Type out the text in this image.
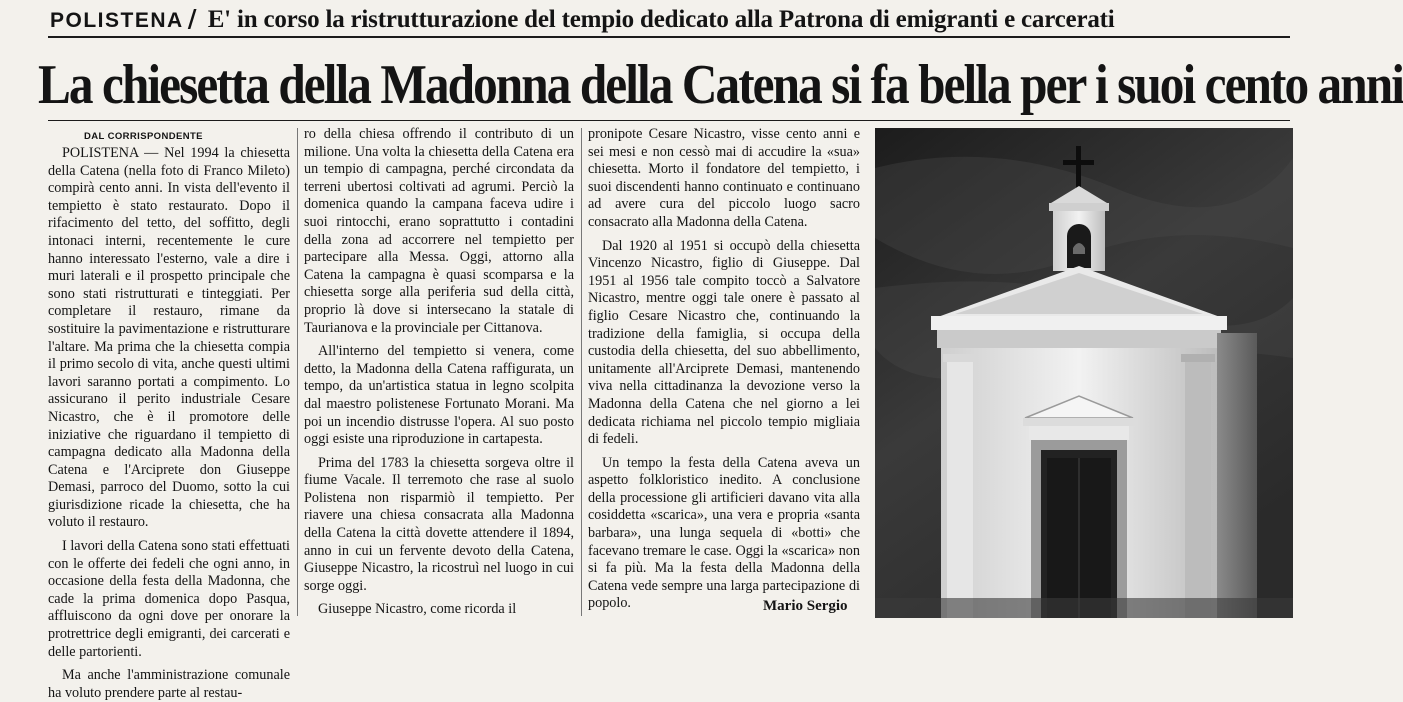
POLISTENA / E' in corso la ristrutturazione del tempio dedicato alla Patrona di emigranti e carcerati
La chiesetta della Madonna della Catena si fa bella per i suoi cento anni
DAL CORRISPONDENTE

POLISTENA — Nel 1994 la chiesetta della Catena (nella foto di Franco Mileto) compirà cento anni. In vista dell'evento il tempietto è stato restaurato. Dopo il rifacimento del tetto, del soffitto, degli intonaci interni, recentemente le cure hanno interessato l'esterno, vale a dire i muri laterali e il prospetto principale che sono stati ristrutturati e tinteggiati. Per completare il restauro, rimane da sostituire la pavimentazione e ristrutturare l'altare. Ma prima che la chiesetta compia il primo secolo di vita, anche questi ultimi lavori saranno portati a compimento. Lo assicurano il perito industriale Cesare Nicastro, che è il promotore delle iniziative che riguardano il tempietto di campagna dedicato alla Madonna della Catena e l'Arciprete don Giuseppe Demasi, parroco del Duomo, sotto la cui giurisdizione ricade la chiesetta, che ha voluto il restauro.

I lavori della Catena sono stati effettuati con le offerte dei fedeli che ogni anno, in occasione della festa della Madonna, che cade la prima domenica dopo Pasqua, affluiscono da ogni dove per onorare la protrettrice degli emigranti, dei carcerati e delle partorienti.

Ma anche l'amministrazione comunale ha voluto prendere parte al restau-

ro della chiesa offrendo il contributo di un milione. Una volta la chiesetta della Catena era un tempio di campagna, perché circondata da terreni ubertosi coltivati ad agrumi. Perciò la domenica quando la campana faceva udire i suoi rintocchi, erano soprattutto i contadini della zona ad accorrere nel tempietto per partecipare alla Messa. Oggi, attorno alla Catena la campagna è quasi scomparsa e la chiesetta sorge alla periferia sud della città, proprio là dove si intersecano la statale di Taurianova e la provinciale per Cittanova.

All'interno del tempietto si venera, come detto, la Madonna della Catena raffigurata, un tempo, da un'artistica statua in legno scolpita dal maestro polistenese Fortunato Morani. Ma poi un incendio distrusse l'opera. Al suo posto oggi esiste una riproduzione in cartapesta.

Prima del 1783 la chiesetta sorgeva oltre il fiume Vacale. Il terremoto che rase al suolo Polistena non risparmiò il tempietto. Per riavere una chiesa consacrata alla Madonna della Catena la città dovette attendere il 1894, anno in cui un fervente devoto della Catena, Giuseppe Nicastro, la ricostruì nel luogo in cui sorge oggi.

Giuseppe Nicastro, come ricorda il

pronipote Cesare Nicastro, visse cento anni e sei mesi e non cessò mai di accudire la «sua» chiesetta. Morto il fondatore del tempietto, i suoi discendenti hanno continuato e continuano ad avere cura del piccolo luogo sacro consacrato alla Madonna della Catena.

Dal 1920 al 1951 si occupò della chiesetta Vincenzo Nicastro, figlio di Giuseppe. Dal 1951 al 1956 tale compito toccò a Salvatore Nicastro, mentre oggi tale onere è passato al figlio Cesare Nicastro che, continuando la tradizione della famiglia, si occupa della custodia della chiesetta, del suo abbellimento, unitamente all'Arciprete Demasi, mantenendo viva nella cittadinanza la devozione verso la Madonna della Catena che nel giorno a lei dedicata richiama nel piccolo tempio migliaia di fedeli.

Un tempo la festa della Catena aveva un aspetto folkloristico inedito. A conclusione della processione gli artificieri davano vita alla cosiddetta «scarica», una vera e propria «santa barbara», una lunga sequela di «botti» che facevano tremare le case. Oggi la «scarica» non si fa più. Ma la festa della Madonna della Catena vede sempre una larga partecipazione di popolo.	Mario Sergio
